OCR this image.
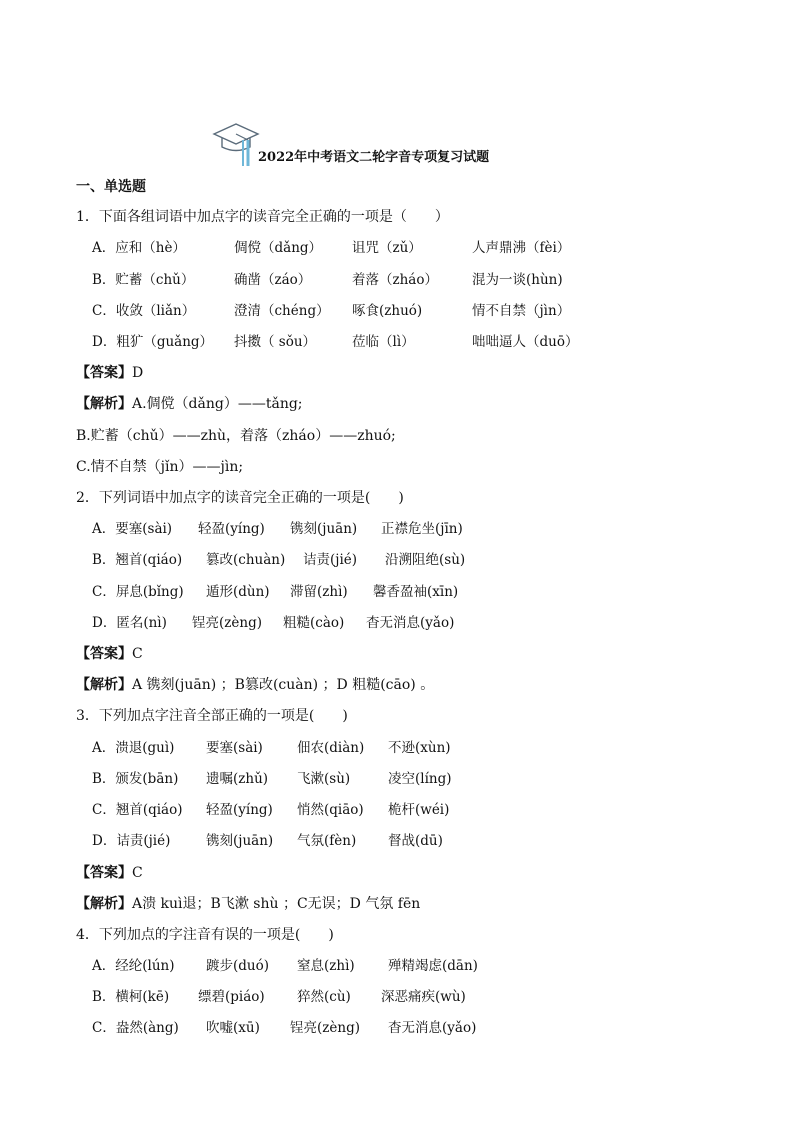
2022年中考语文二轮字音专项复习试题
一、单选题
1．下面各组词语中加点字的读音完全正确的一项是（　　）
A．应和（hè）	倜傥（dǎng） 诅咒（zǔ）	人声鼎沸（fèi）
B．贮蓄（chǔ）	确凿（záo）	着落（zháo）	混为一谈(hùn)
C．收敛（liǎn）	澄清（chéng） 啄食(zhuó)	情不自禁（jìn）
D．粗犷（guǎng） 抖擞（ sǒu）	莅临（lì）	咄咄逼人（duō）
【答案】D
【解析】A.倜傥（dǎng）——tǎng;
B.贮蓄（chǔ）——zhù，着落（zháo）——zhuó;
C.情不自禁（jǐn）——jìn;
2．下列词语中加点字的读音完全正确的一项是(　　)
A．要塞(sài) 轻盈(yíng) 镌刻(juān) 正襟危坐(jīn)
B．翘首(qiáo) 篡改(chuàn) 诘责(jié) 沿溯阻绝(sù)
C．屏息(bǐng) 遁形(dùn) 滞留(zhì) 馨香盈袖(xīn)
D．匿名(nì) 锃亮(zèng) 粗糙(cào) 杳无消息(yǎo)
【答案】C
【解析】A 镌刻(juān) ；B篡改(cuàn) ；D 粗糙(cāo) 。
3．下列加点字注音全部正确的一项是(　　)
A．溃退(guì) 要塞(sài)	佃农(diàn) 不逊(xùn)
B．颁发(bān) 遗嘱(zhǔ) 飞漱(sù)	凌空(líng)
C．翘首(qiáo) 轻盈(yíng) 悄然(qiāo) 桅杆(wéi)
D．诘责(jié)	镌刻(juān) 气氛(fèn) 督战(dū)
【答案】C
【解析】A溃 kuì退；B飞漱 shù ；C无误；D 气氛 fēn
4．下列加点的字注音有误的一项是(　　)
A．经纶(lún) 踱步(duó) 窒息(zhì) 殚精竭虑(dān)
B．横柯(kē) 缥碧(piáo) 猝然(cù) 深恶痛疾(wù)
C．盎然(àng) 吹嘘(xū) 锃亮(zèng) 杳无消息(yǎo)
